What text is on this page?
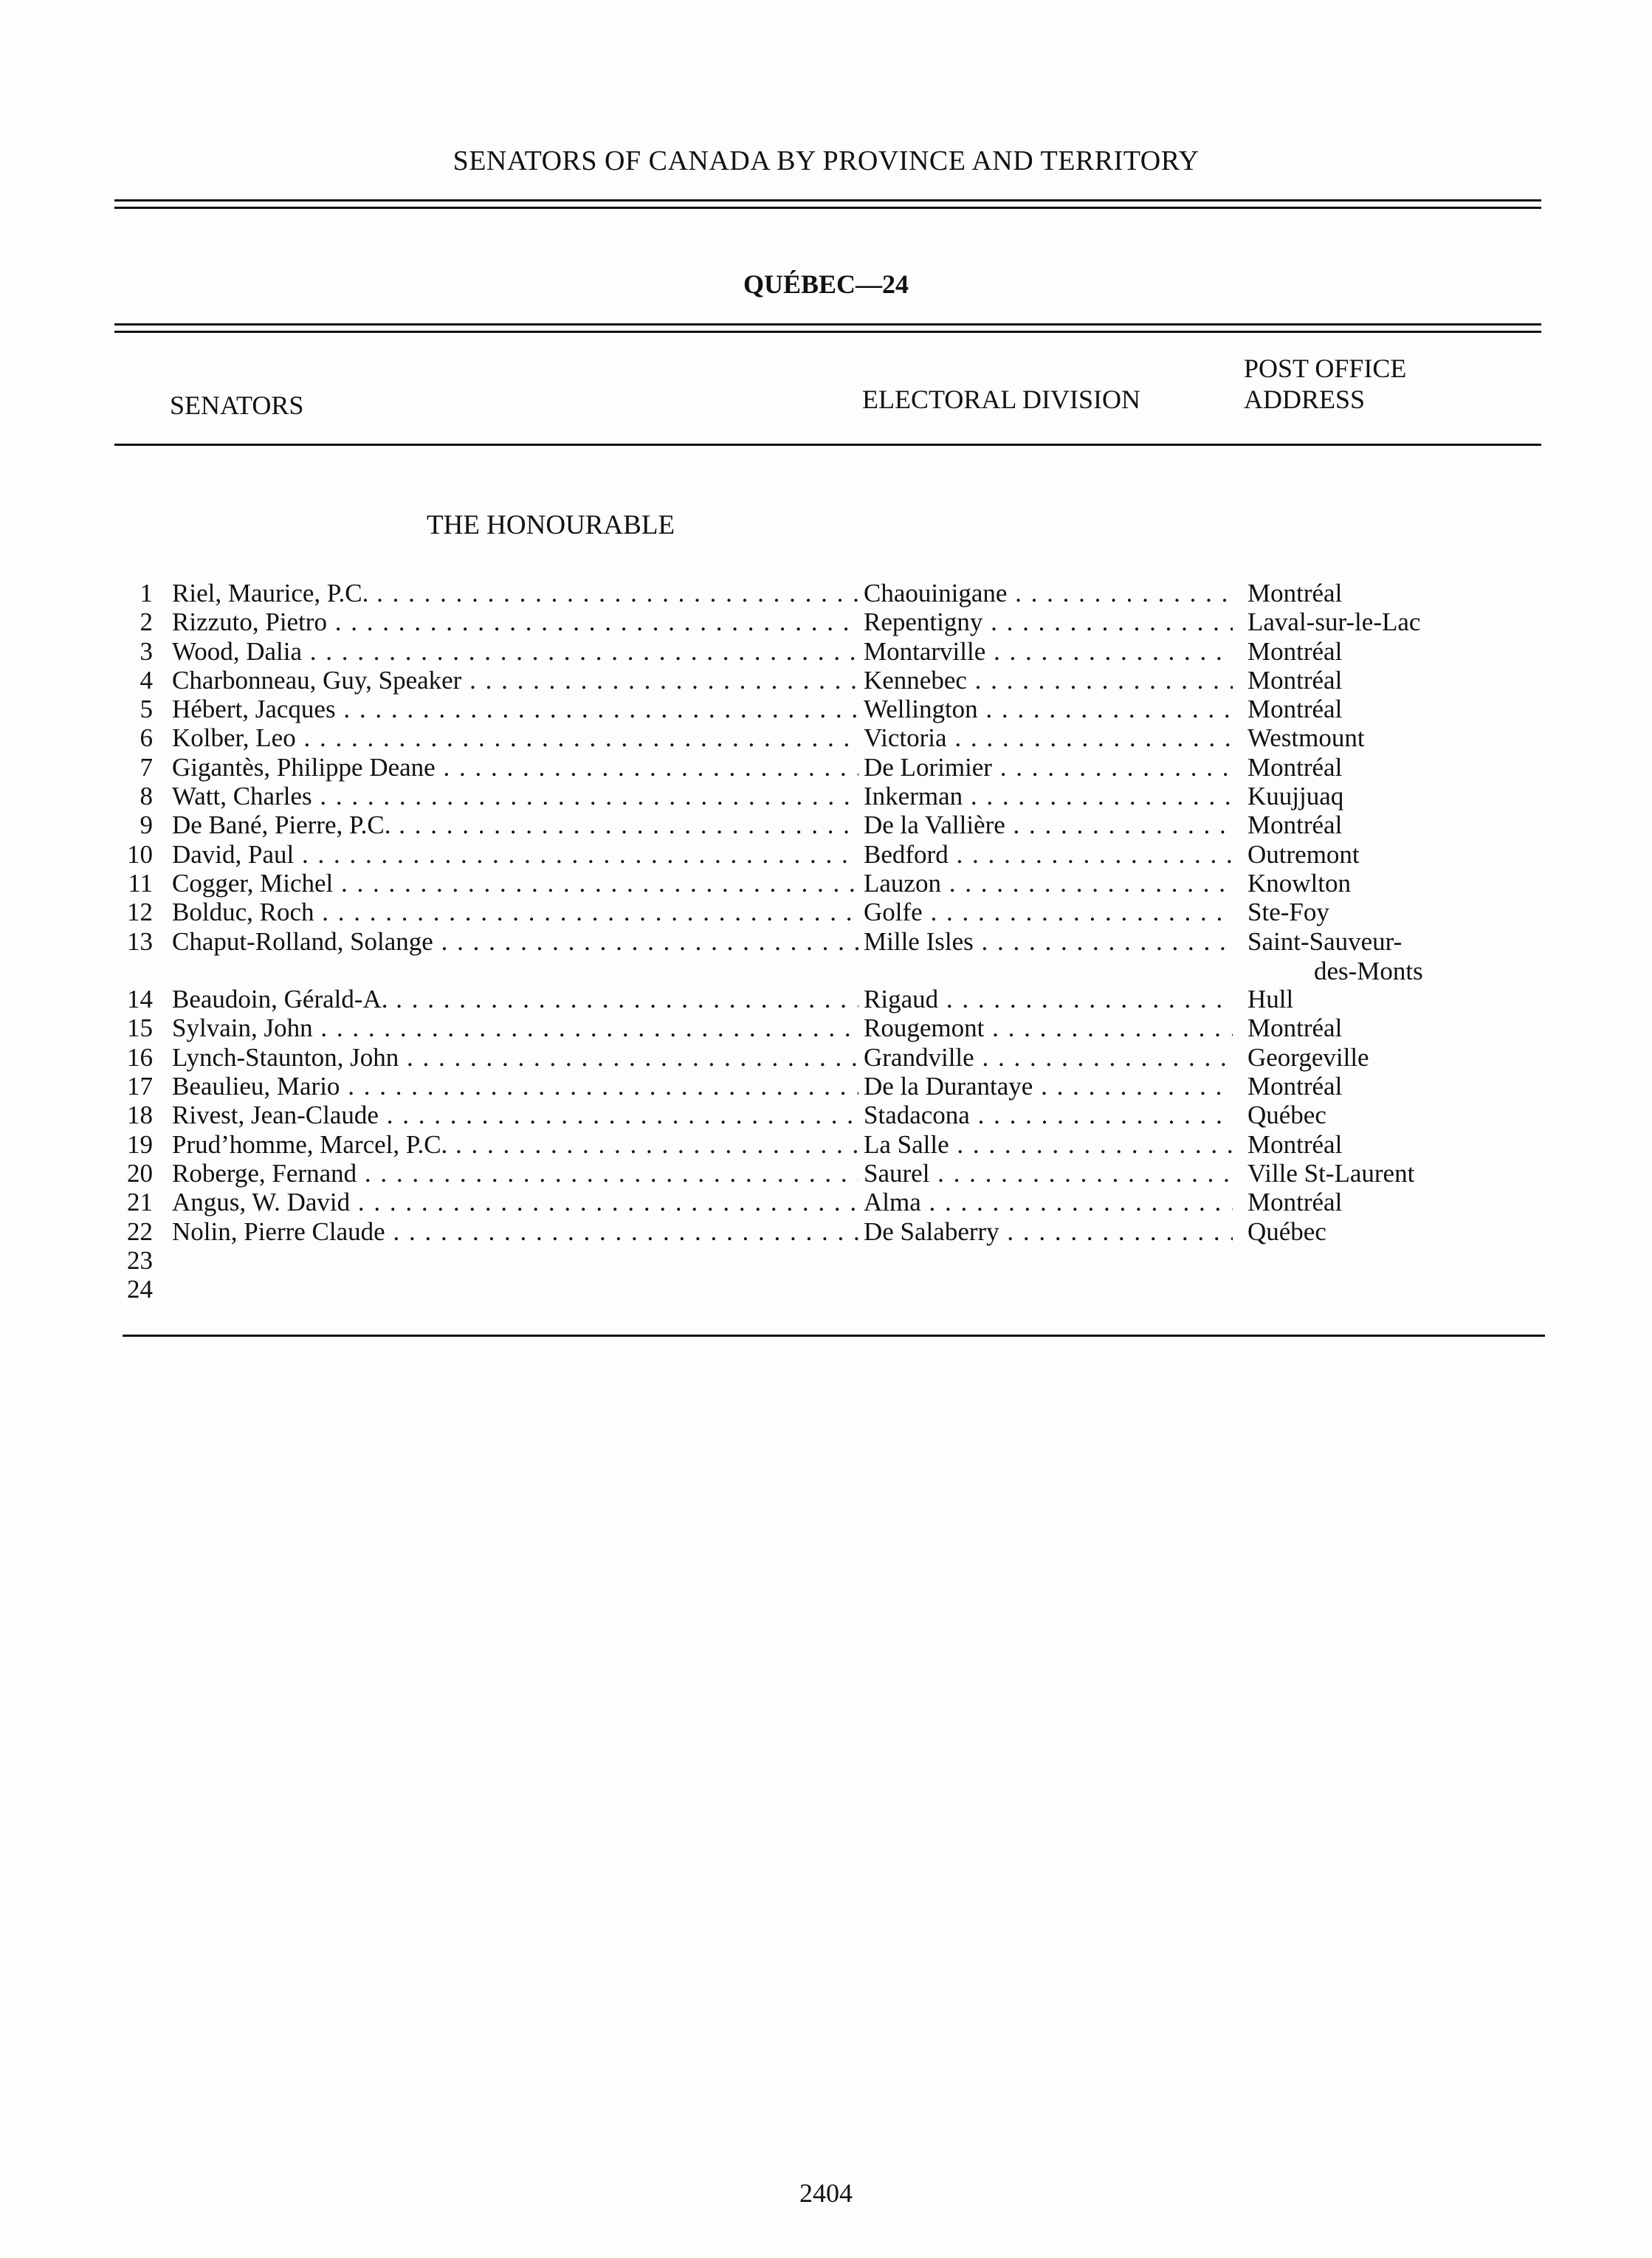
SENATORS OF CANADA BY PROVINCE AND TERRITORY
QUÉBEC—24
SENATORS	ELECTORAL DIVISION
POST OFFICE
ADDRESS
THE HONOURABLE
1 Riel, Maurice, P.C. . . .	Chaouinigane . . .	Montréal
2 Rizzuto, Pietro . . .	Repentigny . . .	Laval-sur-le-Lac
3 Wood, Dalia . . .	Montarville . . .	Montréal
4 Charbonneau, Guy, Speaker . . .	Kennebec . . .	Montréal
5 Hébert, Jacques . . .	Wellington . . .	Montréal
6 Kolber, Leo . . .	Victoria . . .	Westmount
7 Gigantès, Philippe Deane . . .	De Lorimier . . .	Montréal
8 Watt, Charles . . .	Inkerman . . .	Kuujjuaq
9 De Bané, Pierre, P.C. . . .	De la Vallière . . .	Montréal
10 David, Paul . . .	Bedford . . .	Outremont
11 Cogger, Michel . . .	Lauzon . . .	Knowlton
12 Bolduc, Roch . . .	Golfe . . .	Ste-Foy
13 Chaput-Rolland, Solange . . .	Mille Isles . . .	Saint-Sauveur-
des-Monts
14 Beaudoin, Gérald-A. . . .	Rigaud . . .	Hull
15 Sylvain, John . . .	Rougemont . . .	Montréal
16 Lynch-Staunton, John . . .	Grandville . . .	Georgeville
17 Beaulieu, Mario . . .	De la Durantaye . . .	Montréal
18 Rivest, Jean-Claude . . .	Stadacona . . .	Québec
19 Prud’homme, Marcel, P.C. . . .	La Salle . . .	Montréal
20 Roberge, Fernand . . .	Saurel . . .	Ville St-Laurent
21 Angus, W. David . . .	Alma . . .	Montréal
22 Nolin, Pierre Claude . . .	De Salaberry . . .	Québec
23
24
2404
